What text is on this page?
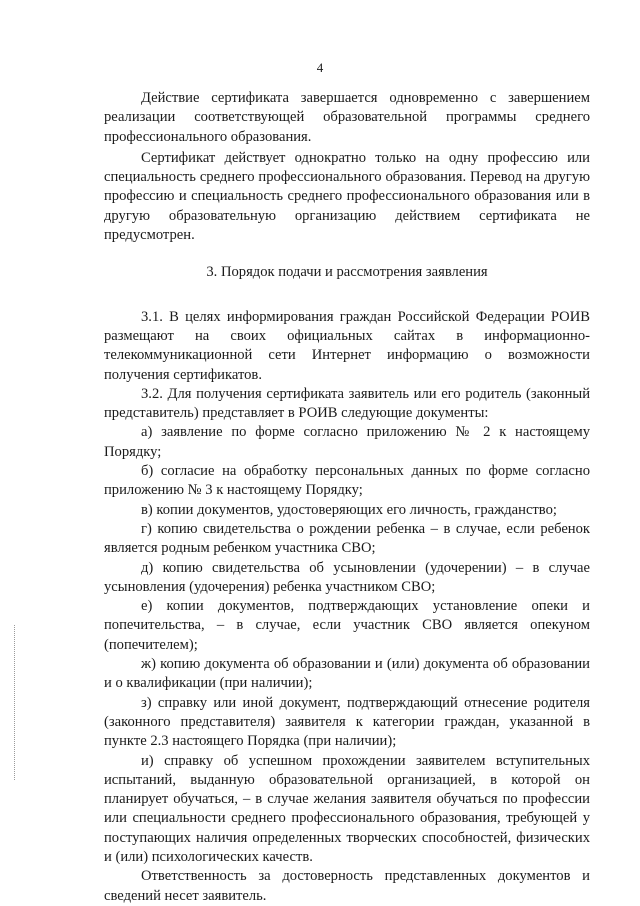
4

Действие сертификата завершается одновременно с завершением реализации соответствующей образовательной программы среднего профессионального образования.

Сертификат действует однократно только на одну профессию или специальность среднего профессионального образования. Перевод на другую профессию и специальность среднего профессионального образования или в другую образовательную организацию действием сертификата не предусмотрен.

3. Порядок подачи и рассмотрения заявления

3.1. В целях информирования граждан Российской Федерации РОИВ размещают на своих официальных сайтах в информационно-телекоммуникационной сети Интернет информацию о возможности получения сертификатов.

3.2. Для получения сертификата заявитель или его родитель (законный представитель) представляет в РОИВ следующие документы:

а) заявление по форме согласно приложению № 2 к настоящему Порядку;

б) согласие на обработку персональных данных по форме согласно приложению № 3 к настоящему Порядку;

в) копии документов, удостоверяющих его личность, гражданство;

г) копию свидетельства о рождении ребенка – в случае, если ребенок является родным ребенком участника СВО;

д) копию свидетельства об усыновлении (удочерении) – в случае усыновления (удочерения) ребенка участником СВО;

е) копии документов, подтверждающих установление опеки и попечительства, – в случае, если участник СВО является опекуном (попечителем);

ж) копию документа об образовании и (или) документа об образовании и о квалификации (при наличии);

з) справку или иной документ, подтверждающий отнесение родителя (законного представителя) заявителя к категории граждан, указанной в пункте 2.3 настоящего Порядка (при наличии);

и) справку об успешном прохождении заявителем вступительных испытаний, выданную образовательной организацией, в которой он планирует обучаться, – в случае желания заявителя обучаться по профессии или специальности среднего профессионального образования, требующей у поступающих наличия определенных творческих способностей, физических и (или) психологических качеств.

Ответственность за достоверность представленных документов и сведений несет заявитель.
